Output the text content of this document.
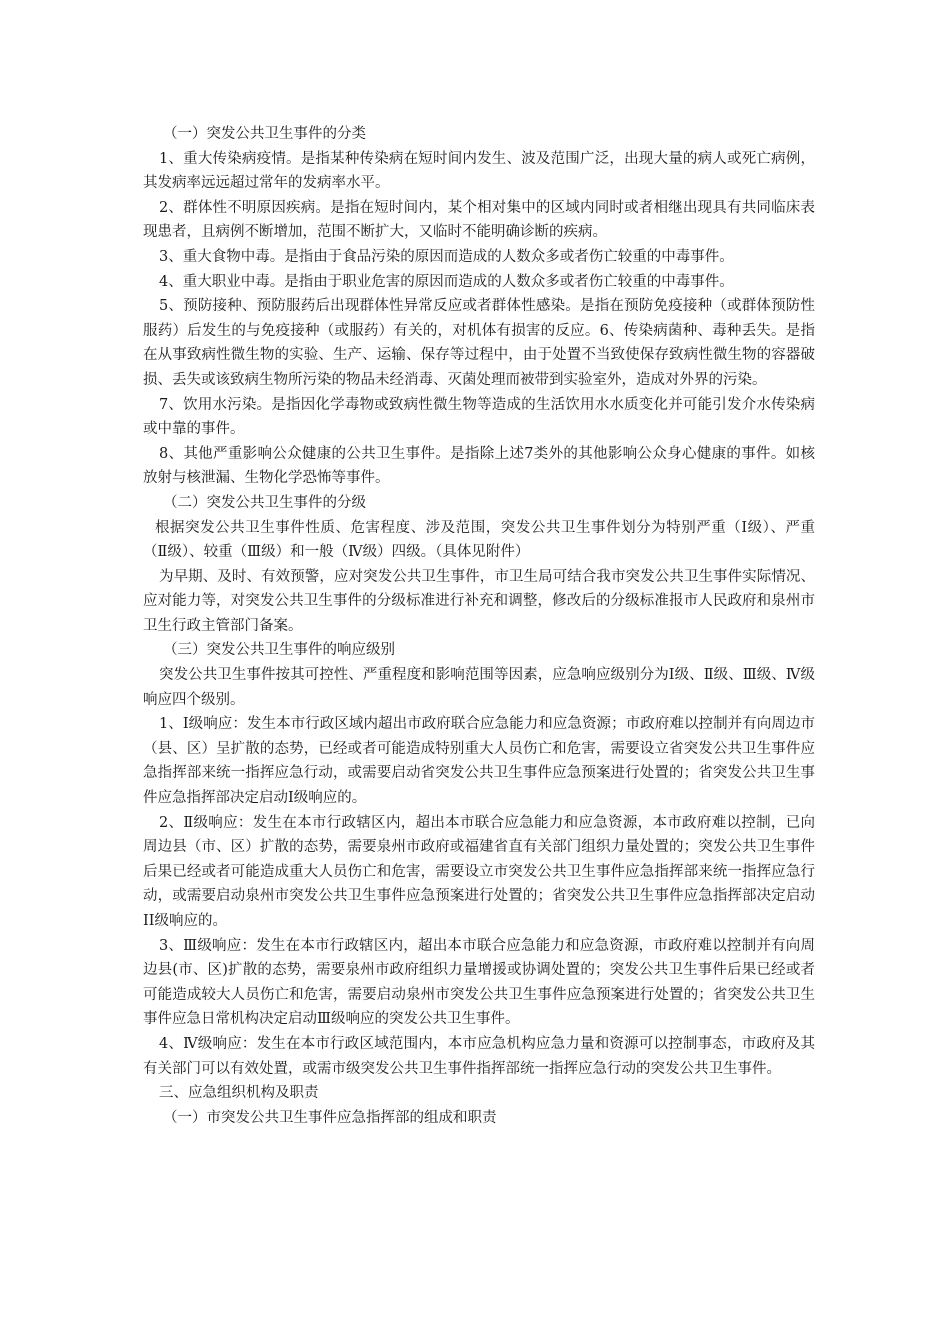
（一）突发公共卫生事件的分类

1、重大传染病疫情。是指某种传染病在短时间内发生、波及范围广泛，出现大量的病人或死亡病例，其发病率远远超过常年的发病率水平。

2、群体性不明原因疾病。是指在短时间内，某个相对集中的区域内同时或者相继出现具有共同临床表现患者，且病例不断增加，范围不断扩大，又临时不能明确诊断的疾病。

3、重大食物中毒。是指由于食品污染的原因而造成的人数众多或者伤亡较重的中毒事件。

4、重大职业中毒。是指由于职业危害的原因而造成的人数众多或者伤亡较重的中毒事件。

5、预防接种、预防服药后出现群体性异常反应或者群体性感染。是指在预防免疫接种（或群体预防性服药）后发生的与免疫接种（或服药）有关的，对机体有损害的反应。6、传染病菌种、毒种丢失。是指在从事致病性微生物的实验、生产、运输、保存等过程中，由于处置不当致使保存致病性微生物的容器破损、丢失或该致病生物所污染的物品未经消毒、灭菌处理而被带到实验室外，造成对外界的污染。

7、饮用水污染。是指因化学毒物或致病性微生物等造成的生活饮用水水质变化并可能引发介水传染病或中靠的事件。

8、其他严重影响公众健康的公共卫生事件。是指除上述7类外的其他影响公众身心健康的事件。如核放射与核泄漏、生物化学恐怖等事件。

（二）突发公共卫生事件的分级

根据突发公共卫生事件性质、危害程度、涉及范围，突发公共卫生事件划分为特别严重（Ⅰ级）、严重（Ⅱ级）、较重（Ⅲ级）和一般（Ⅳ级）四级。（具体见附件）

为早期、及时、有效预警，应对突发公共卫生事件，市卫生局可结合我市突发公共卫生事件实际情况、应对能力等，对突发公共卫生事件的分级标准进行补充和调整，修改后的分级标准报市人民政府和泉州市卫生行政主管部门备案。

（三）突发公共卫生事件的响应级别

突发公共卫生事件按其可控性、严重程度和影响范围等因素，应急响应级别分为Ⅰ级、Ⅱ级、Ⅲ级、Ⅳ级响应四个级别。

1、Ⅰ级响应：发生本市行政区域内超出市政府联合应急能力和应急资源；市政府难以控制并有向周边市（县、区）呈扩散的态势，已经或者可能造成特别重大人员伤亡和危害，需要设立省突发公共卫生事件应急指挥部来统一指挥应急行动，或需要启动省突发公共卫生事件应急预案进行处置的；省突发公共卫生事件应急指挥部决定启动Ⅰ级响应的。

2、Ⅱ级响应：发生在本市行政辖区内，超出本市联合应急能力和应急资源，本市政府难以控制，已向周边县（市、区）扩散的态势，需要泉州市政府或福建省直有关部门组织力量处置的；突发公共卫生事件后果已经或者可能造成重大人员伤亡和危害，需要设立市突发公共卫生事件应急指挥部来统一指挥应急行动，或需要启动泉州市突发公共卫生事件应急预案进行处置的；省突发公共卫生事件应急指挥部决定启动II级响应的。

3、Ⅲ级响应：发生在本市行政辖区内，超出本市联合应急能力和应急资源，市政府难以控制并有向周边县(市、区)扩散的态势，需要泉州市政府组织力量增援或协调处置的；突发公共卫生事件后果已经或者可能造成较大人员伤亡和危害，需要启动泉州市突发公共卫生事件应急预案进行处置的；省突发公共卫生事件应急日常机构决定启动Ⅲ级响应的突发公共卫生事件。

4、Ⅳ级响应：发生在本市行政区域范围内，本市应急机构应急力量和资源可以控制事态，市政府及其有关部门可以有效处置，或需市级突发公共卫生事件指挥部统一指挥应急行动的突发公共卫生事件。

三、应急组织机构及职责

（一）市突发公共卫生事件应急指挥部的组成和职责
